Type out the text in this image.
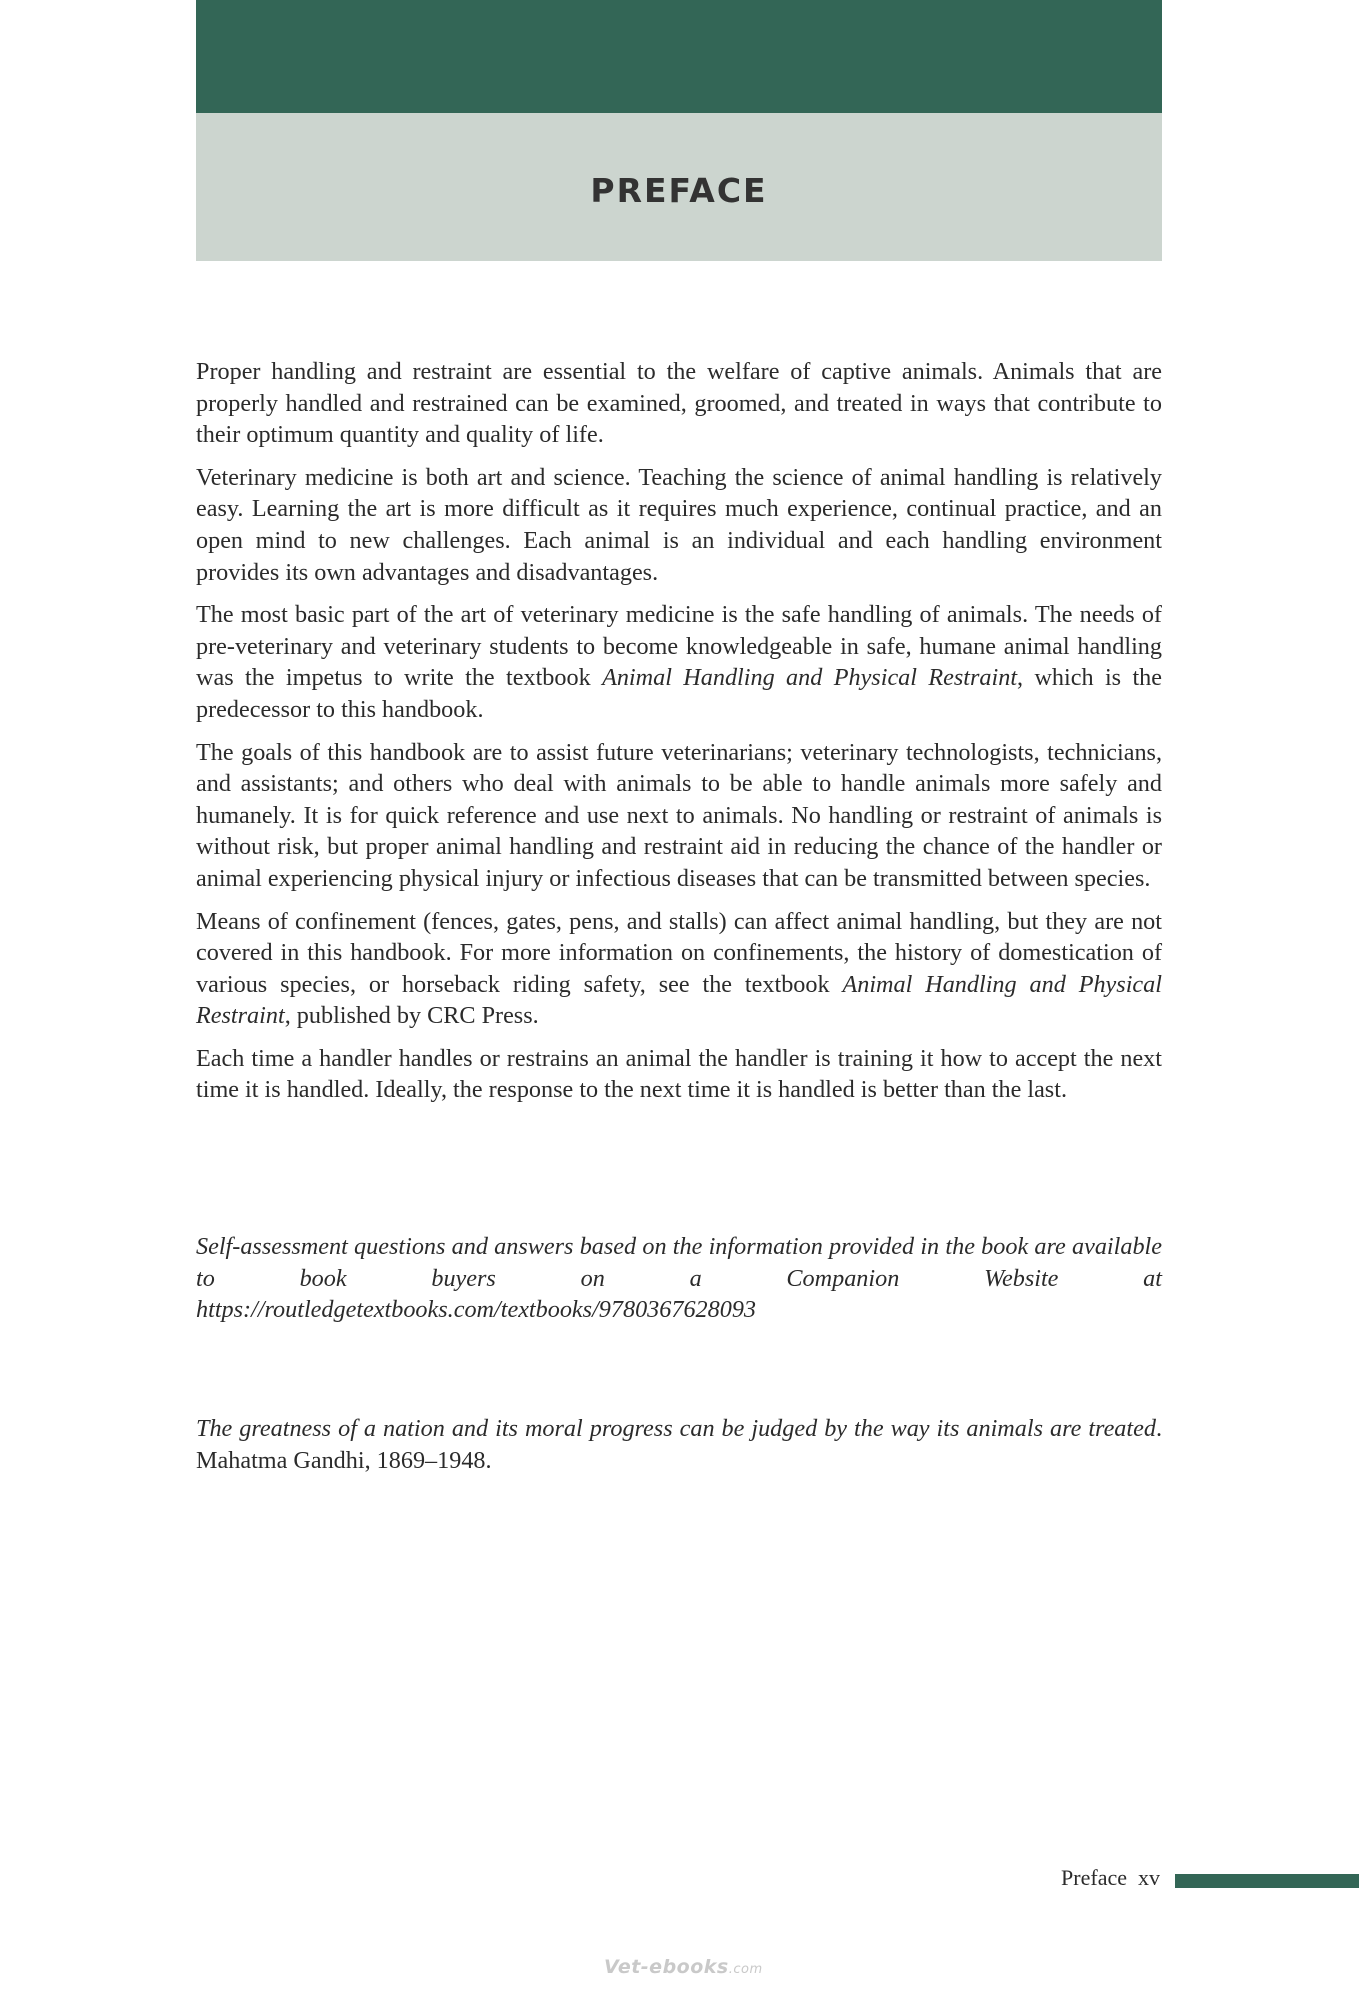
PREFACE

Proper handling and restraint are essential to the welfare of captive animals. Animals that are properly handled and restrained can be examined, groomed, and treated in ways that contribute to their optimum quantity and quality of life.

Veterinary medicine is both art and science. Teaching the science of animal handling is relatively easy. Learning the art is more difficult as it requires much experience, continual practice, and an open mind to new challenges. Each animal is an individual and each handling environment provides its own advantages and disadvantages.

The most basic part of the art of veterinary medicine is the safe handling of animals. The needs of pre-veterinary and veterinary students to become knowledgeable in safe, humane animal handling was the impetus to write the textbook Animal Handling and Physical Restraint, which is the predecessor to this handbook.

The goals of this handbook are to assist future veterinarians; veterinary technologists, technicians, and assistants; and others who deal with animals to be able to handle animals more safely and humanely. It is for quick reference and use next to animals. No handling or restraint of animals is without risk, but proper animal handling and restraint aid in reducing the chance of the handler or animal experiencing physical injury or infectious diseases that can be transmitted between species.

Means of confinement (fences, gates, pens, and stalls) can affect animal handling, but they are not covered in this handbook. For more information on confinements, the history of domestication of various species, or horseback riding safety, see the textbook Animal Handling and Physical Restraint, published by CRC Press.

Each time a handler handles or restrains an animal the handler is training it how to accept the next time it is handled. Ideally, the response to the next time it is handled is better than the last.

Self-assessment questions and answers based on the information provided in the book are available to book buyers on a Companion Website at https://routledgetextbooks.com/textbooks/9780367628093

The greatness of a nation and its moral progress can be judged by the way its animals are treated. Mahatma Gandhi, 1869–1948.

Preface xv
Vet-ebooks.com
